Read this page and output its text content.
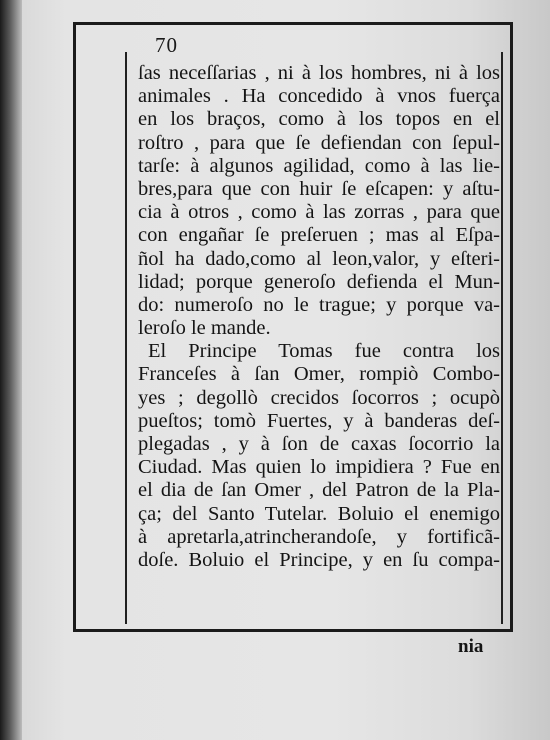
70
ſas neceſſarias , ni à los hombres, ni à los
animales . Ha concedido à vnos fuerça
en los braços, como à los topos en el
roſtro , para que ſe defiendan con ſepul-
tarſe: à algunos agilidad, como à las lie-
bres,para que con huir ſe eſcapen: y aſtu-
cia à otros , como à las zorras , para que
con engañar ſe preſeruen ; mas al Eſpa-
ñol ha dado,como al leon,valor, y eſteri-
lidad; porque generoſo defienda el Mun-
do: numeroſo no le trague; y porque va-
leroſo le mande.
El Principe Tomas fue contra los
Franceſes à ſan Omer, rompiò Combo-
yes ; degollò crecidos ſocorros ; ocupò
pueſtos; tomò Fuertes, y à banderas deſ-
plegadas , y à ſon de caxas ſocorrio la
Ciudad. Mas quien lo impidiera ? Fue en
el dia de ſan Omer , del Patron de la Pla-
ça; del Santo Tutelar. Boluio el enemigo
à apretarla,atrincherandoſe, y fortificã-
doſe. Boluio el Principe, y en ſu compa-
nia
